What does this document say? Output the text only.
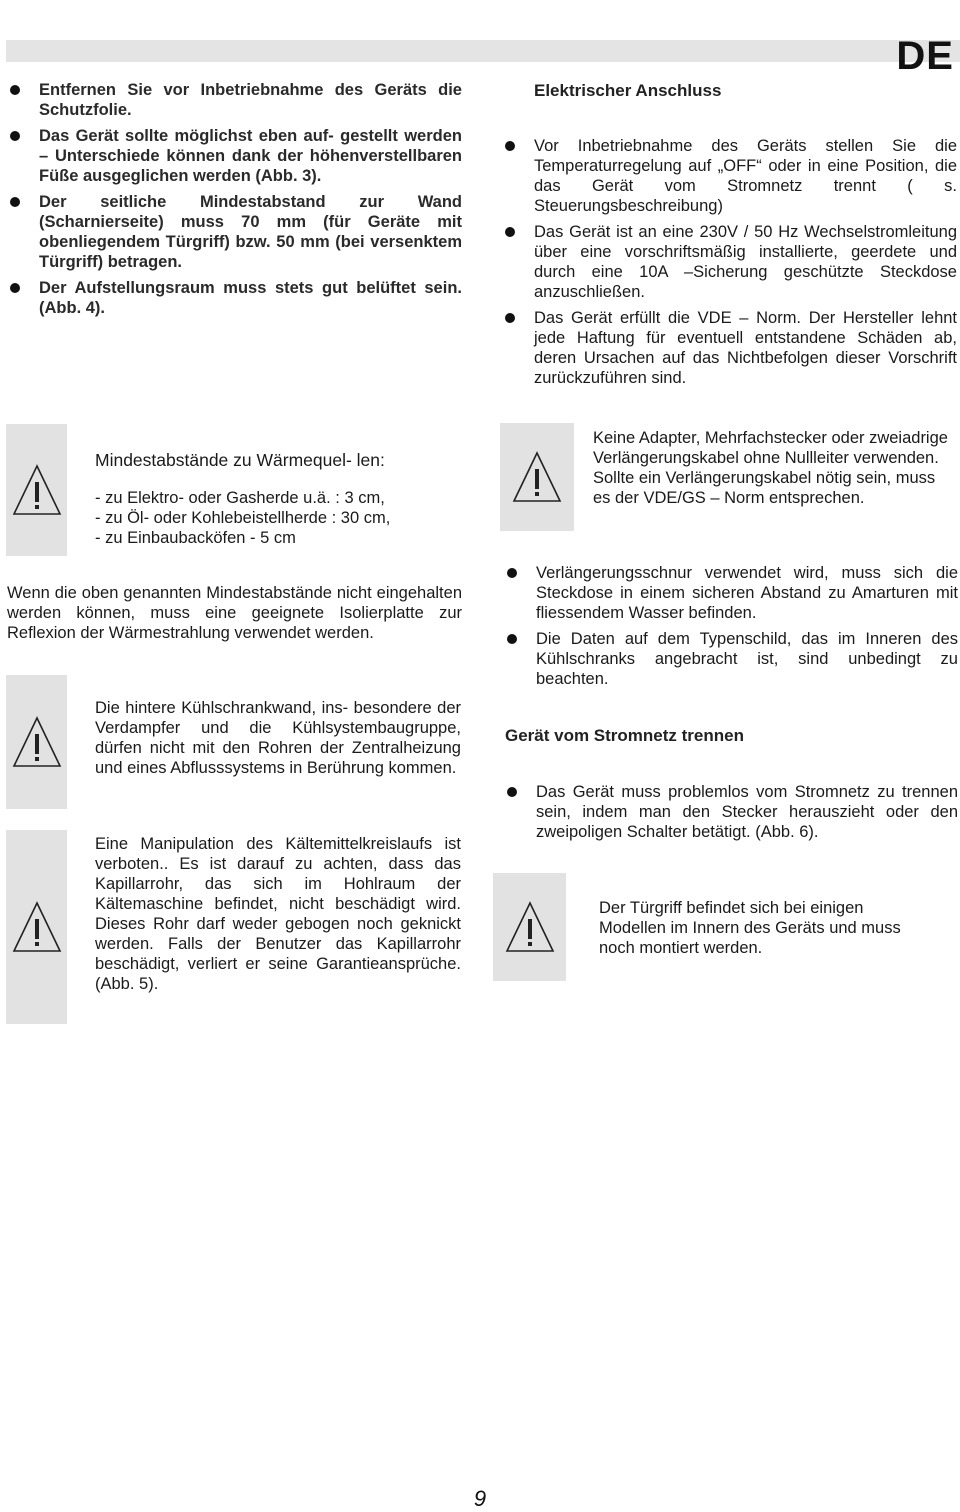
DE
Entfernen Sie vor Inbetriebnahme des Geräts die Schutzfolie.
Das Gerät sollte möglichst eben auf- gestellt werden – Unterschiede können dank der höhenverstellbaren Füße ausgeglichen werden (Abb. 3).
Der seitliche Mindestabstand zur Wand (Scharnierseite) muss 70 mm (für Geräte mit obenliegendem Türgriff) bzw. 50 mm (bei versenktem Türgriff) betragen.
Der Aufstellungsraum muss stets gut belüftet sein. (Abb. 4).
Elektrischer Anschluss
Vor Inbetriebnahme des Geräts stellen Sie die Temperaturregelung auf „OFF“ oder in eine Position, die das Gerät vom Stromnetz trennt ( s. Steuerungsbeschreibung)
Das Gerät ist an eine 230V / 50 Hz Wechselstromleitung über eine vorschriftsmäßig installierte, geerdete und durch eine 10A –Sicherung geschützte Steckdose anzuschließen.
Das Gerät erfüllt die VDE – Norm. Der Hersteller lehnt jede Haftung für eventuell entstandene Schäden ab, deren Ursachen auf das Nichtbefolgen dieser Vorschrift zurückzuführen sind.
Mindestabstände zu Wärmequel- len:
- zu Elektro- oder Gasherde u.ä. : 3 cm,
- zu Öl- oder Kohlebeistellherde : 30 cm,
- zu Einbaubacköfen - 5 cm

Wenn die oben genannten Mindestabstände nicht eingehalten werden können, muss eine geeignete Isolierplatte zur Reflexion der Wärmestrahlung verwendet werden.

Die hintere Kühlschrankwand, ins- besondere der Verdampfer und die Kühlsystembaugruppe, dürfen nicht mit den Rohren der Zentralheizung und eines Abflusssystems in Berührung kommen.
Eine Manipulation des Kältemittelkreislaufs ist verboten.. Es ist darauf zu achten, dass das Kapillarrohr, das sich im Hohlraum der Kältemaschine befindet, nicht beschädigt wird. Dieses Rohr darf weder gebogen noch geknickt werden. Falls der Benutzer das Kapillarrohr beschädigt, verliert er seine Garantieansprüche. (Abb. 5).
Keine Adapter, Mehrfachstecker oder zweiadrige Verlängerungskabel ohne Nullleiter verwenden. Sollte ein Verlängerungskabel nötig sein, muss es der VDE/GS – Norm entsprechen.
Verlängerungsschnur verwendet wird, muss sich die Steckdose in einem sicheren Abstand zu Amarturen mit fliessendem Wasser befinden.
Die Daten auf dem Typenschild, das im Inneren des Kühlschranks angebracht ist, sind unbedingt zu beachten.
Gerät vom Stromnetz trennen
Das Gerät muss problemlos vom Stromnetz zu trennen sein, indem man den Stecker herauszieht oder den zweipoligen Schalter betätigt. (Abb. 6).
Der Türgriff befindet sich bei einigen Modellen im Innern des Geräts und muss noch montiert werden.
9
